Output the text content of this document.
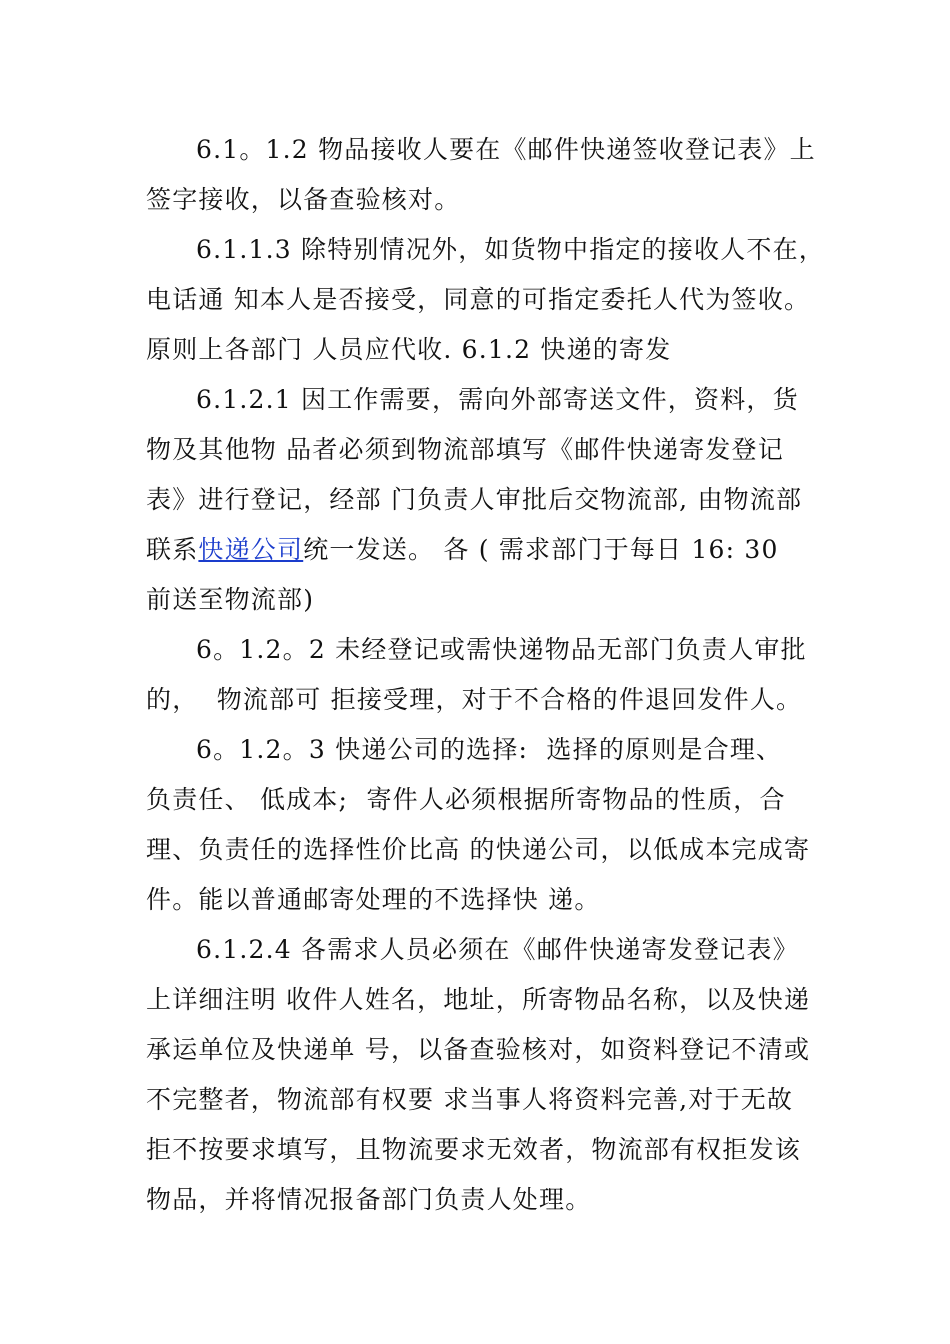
6.1。1.2 物品接收人要在《邮件快递签收登记表》上
签字接收，以备查验核对。
6.1.1.3 除特别情况外，如货物中指定的接收人不在，
电话通 知本人是否接受，同意的可指定委托人代为签收。
原则上各部门 人员应代收. 6.1.2 快递的寄发
6.1.2.1 因工作需要，需向外部寄送文件，资料，货
物及其他物 品者必须到物流部填写《邮件快递寄发登记
表》进行登记，经部 门负责人审批后交物流部, 由物流部
联系快递公司统一发送。 各 ( 需求部门于每日 16: 30
前送至物流部)
6。1.2。2 未经登记或需快递物品无部门负责人审批
的，  物流部可 拒接受理，对于不合格的件退回发件人。
6。1.2。3 快递公司的选择:  选择的原则是合理、
负责任、 低成本;  寄件人必须根据所寄物品的性质，合
理、负责任的选择性价比高 的快递公司，以低成本完成寄
件。能以普通邮寄处理的不选择快 递。
6.1.2.4 各需求人员必须在《邮件快递寄发登记表》
上详细注明 收件人姓名，地址，所寄物品名称，以及快递
承运单位及快递单 号，以备查验核对，如资料登记不清或
不完整者，物流部有权要 求当事人将资料完善,对于无故
拒不按要求填写，且物流要求无效者，物流部有权拒发该
物品，并将情况报备部门负责人处理。
